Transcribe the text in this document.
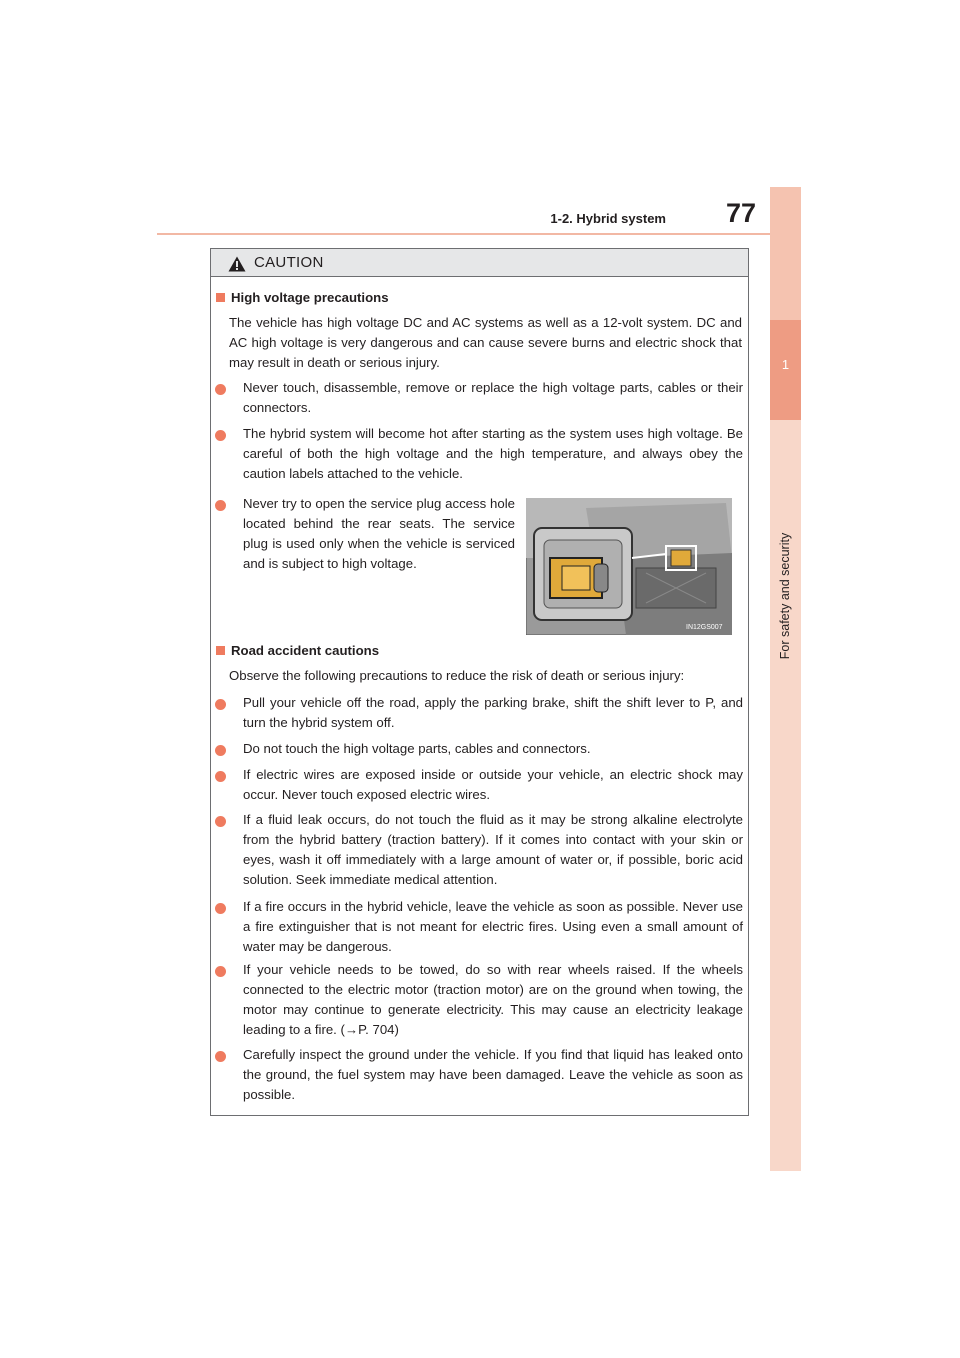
1-2. Hybrid system	77
1
For safety and security
CAUTION
High voltage precautions
The vehicle has high voltage DC and AC systems as well as a 12-volt system. DC and AC high voltage is very dangerous and can cause severe burns and electric shock that may result in death or serious injury.
Never touch, disassemble, remove or replace the high voltage parts, cables or their connectors.
The hybrid system will become hot after starting as the system uses high voltage. Be careful of both the high voltage and the high temperature, and always obey the caution labels attached to the vehicle.
Never try to open the service plug access hole located behind the rear seats. The service plug is used only when the vehicle is serviced and is subject to high voltage.
IN12GS007
Road accident cautions
Observe the following precautions to reduce the risk of death or serious injury:
Pull your vehicle off the road, apply the parking brake, shift the shift lever to P, and turn the hybrid system off.
Do not touch the high voltage parts, cables and connectors.
If electric wires are exposed inside or outside your vehicle, an electric shock may occur. Never touch exposed electric wires.
If a fluid leak occurs, do not touch the fluid as it may be strong alkaline electrolyte from the hybrid battery (traction battery). If it comes into contact with your skin or eyes, wash it off immediately with a large amount of water or, if possible, boric acid solution. Seek immediate medical attention.
If a fire occurs in the hybrid vehicle, leave the vehicle as soon as possible. Never use a fire extinguisher that is not meant for electric fires. Using even a small amount of water may be dangerous.
If your vehicle needs to be towed, do so with rear wheels raised. If the wheels connected to the electric motor (traction motor) are on the ground when towing, the motor may continue to generate electricity. This may cause an electricity leakage leading to a fire. (→P. 704)
Carefully inspect the ground under the vehicle. If you find that liquid has leaked onto the ground, the fuel system may have been damaged. Leave the vehicle as soon as possible.
